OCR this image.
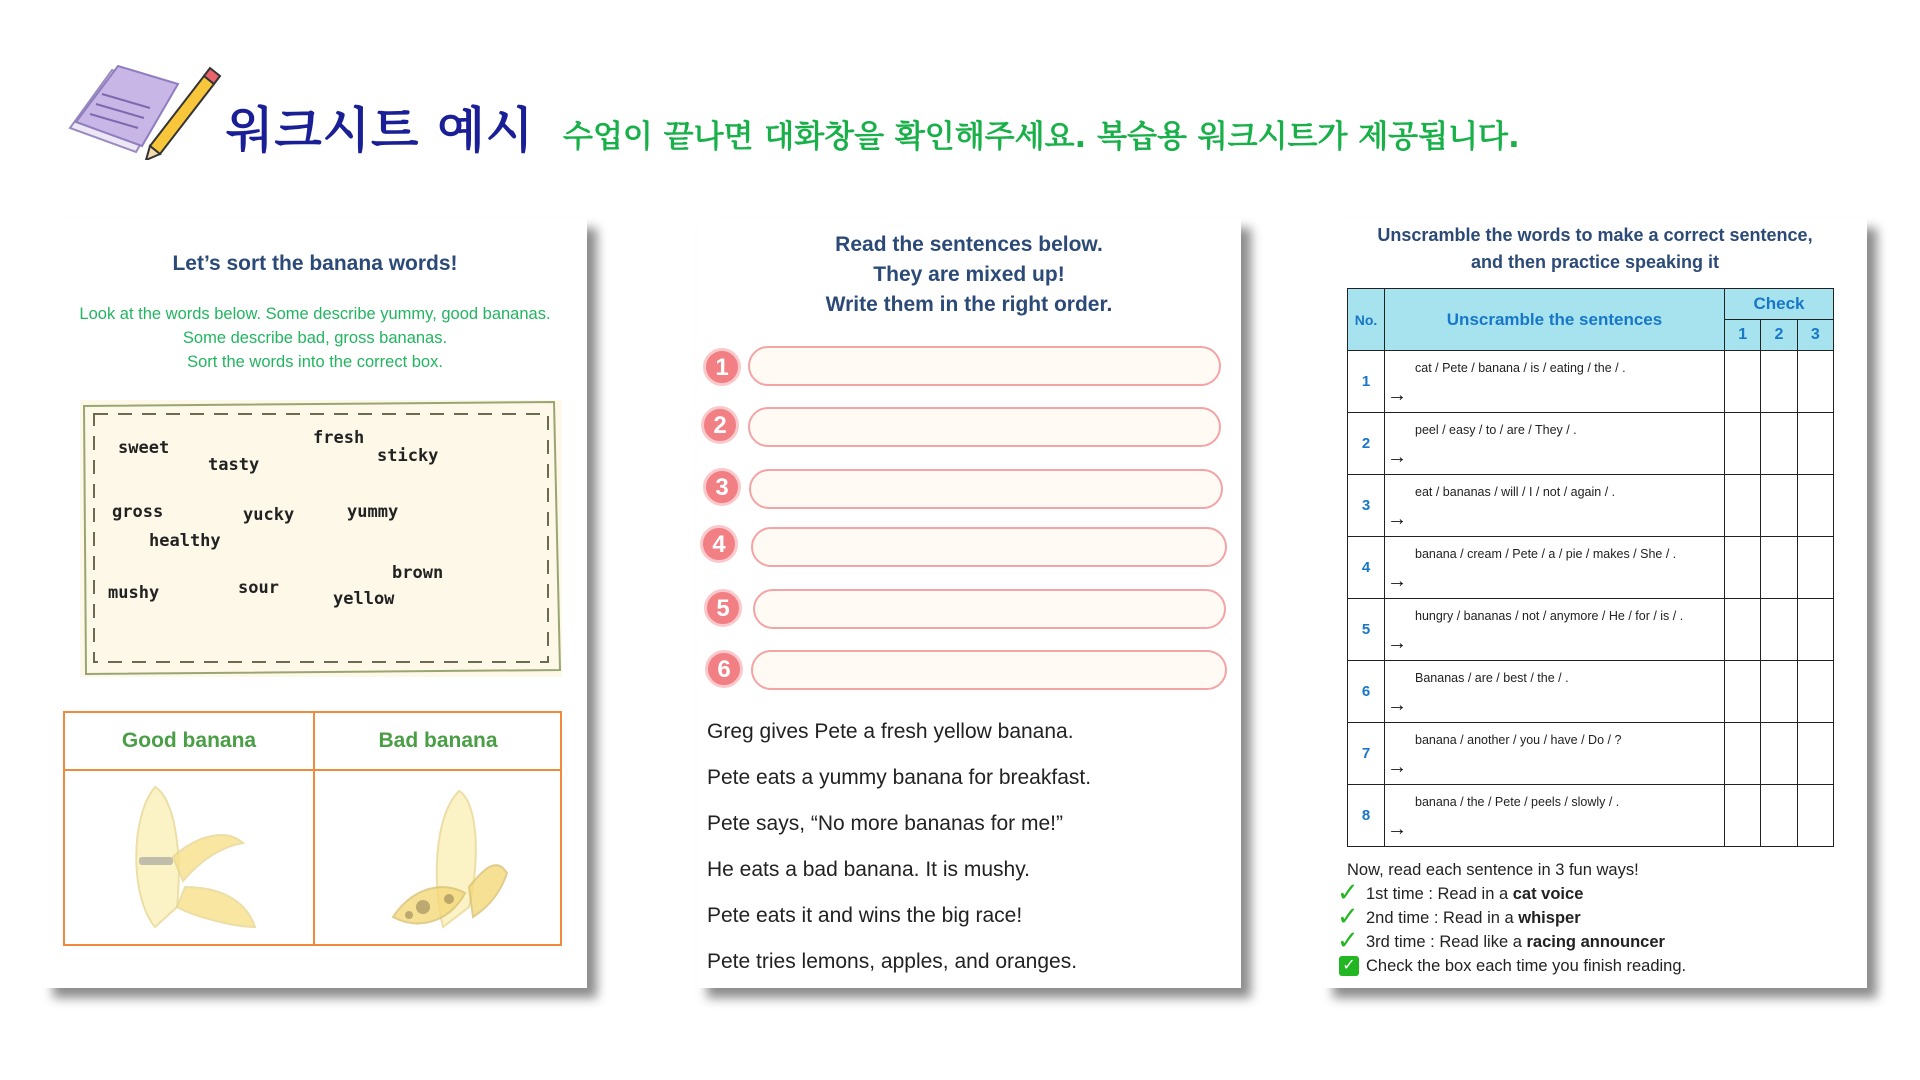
워크시트 예시 수업이 끝나면 대화창을 확인해주세요. 복습용 워크시트가 제공됩니다.
Let’s sort the banana words!
Look at the words below. Some describe yummy, good bananas.
Some describe bad, gross bananas.
Sort the words into the correct box.
sweet
tasty
fresh
sticky
gross	yucky	yummy
healthy
brown
mushy	sour
yellow
Good banana	Bad banana
Read the sentences below.
They are mixed up!
Write them in the right order.
1
2
3
4
5
6
Greg gives Pete a fresh yellow banana.
Pete eats a yummy banana for breakfast.
Pete says, “No more bananas for me!”
He eats a bad banana. It is mushy.
Pete eats it and wins the big race!
Pete tries lemons, apples, and oranges.
Unscramble the words to make a correct sentence,
and then practice speaking it
No.	Unscramble the sentences	Check		
		1	2	3
1	cat / Pete / banana / is / eating / the / .
→			

2	peel / easy / to / are / They / .
→			

3	eat / bananas / will / I / not / again / .
→			

4	banana / cream / Pete / a / pie / makes / She / .
→			

5	hungry / bananas / not / anymore / He / for / is / .
→			

6	Bananas / are / best / the / .
→			

7	banana / another / you / have / Do / ?
→			

8	banana / the / Pete / peels / slowly / .
→			

Now, read each sentence in 3 fun ways!
✓ 1st time : Read in a cat voice
✓ 2nd time : Read in a whisper
✓ 3rd time : Read like a racing announcer
✓ Check the box each time you finish reading.
